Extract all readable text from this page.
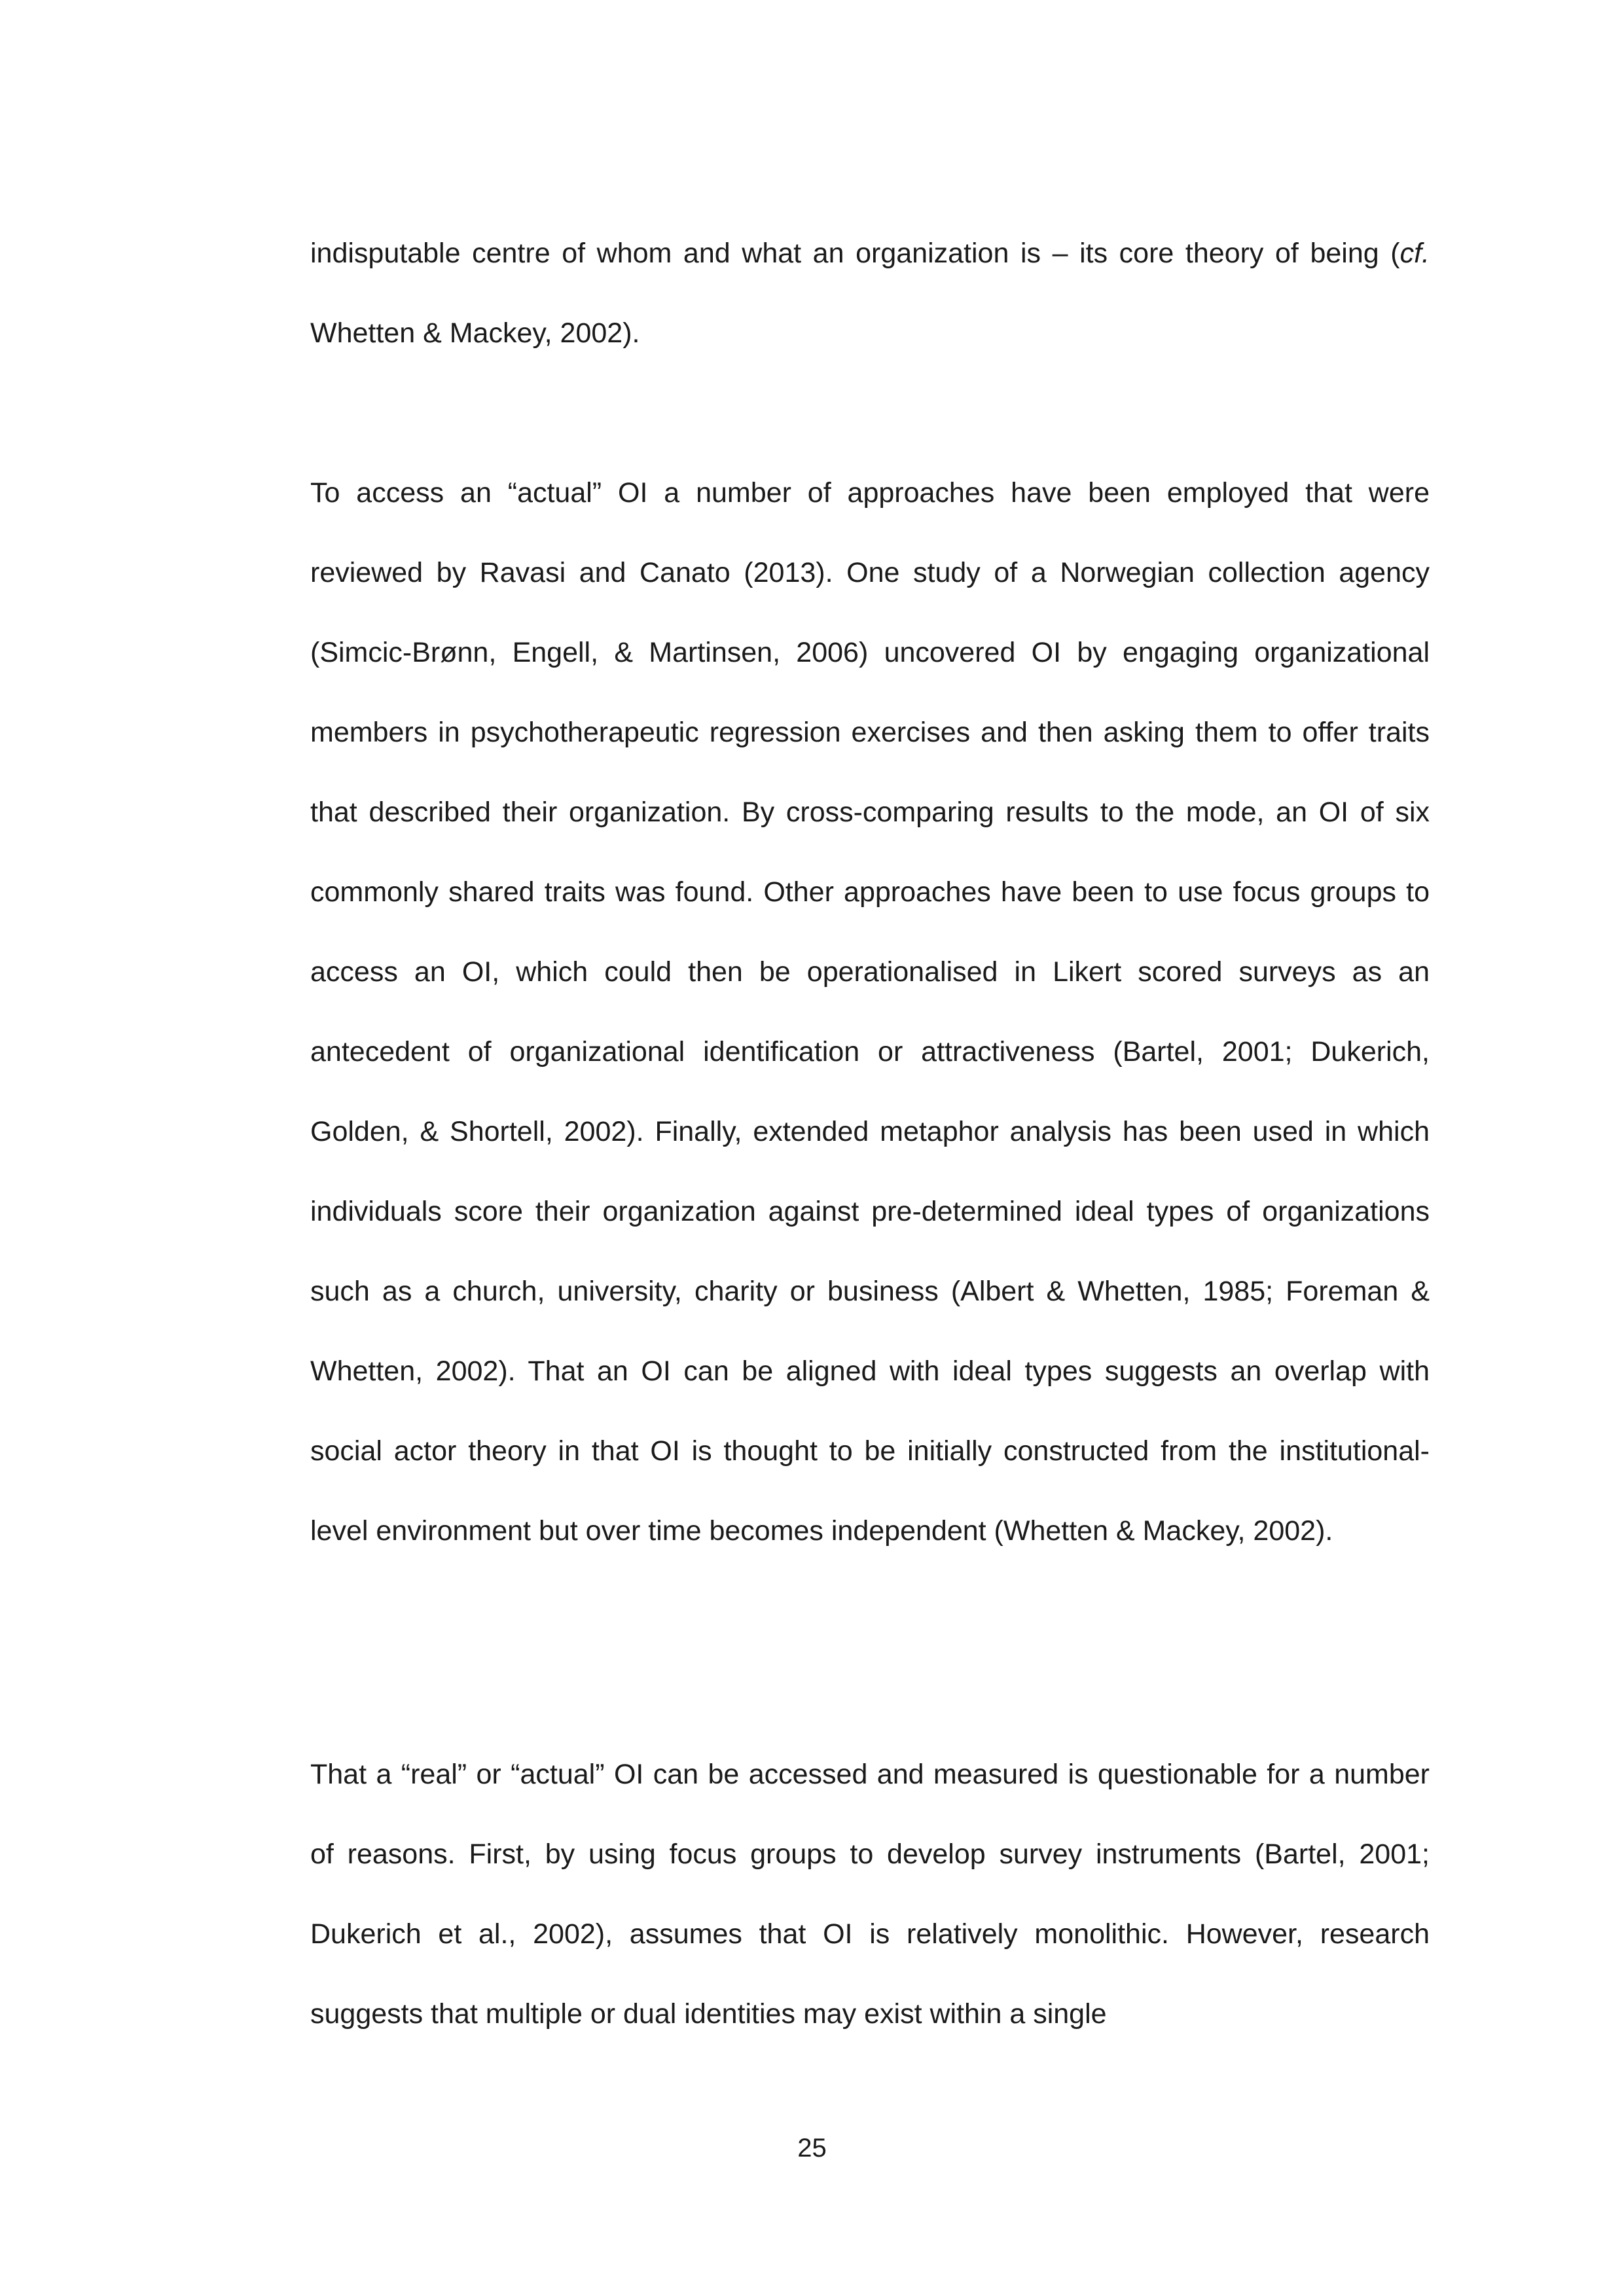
indisputable centre of whom and what an organization is – its core theory of being (cf. Whetten & Mackey, 2002).

To access an “actual” OI a number of approaches have been employed that were reviewed by Ravasi and Canato (2013). One study of a Norwegian collection agency (Simcic-Brønn, Engell, & Martinsen, 2006) uncovered OI by engaging organizational members in psychotherapeutic regression exercises and then asking them to offer traits that described their organization. By cross-comparing results to the mode, an OI of six commonly shared traits was found. Other approaches have been to use focus groups to access an OI, which could then be operationalised in Likert scored surveys as an antecedent of organizational identification or attractiveness (Bartel, 2001; Dukerich, Golden, & Shortell, 2002). Finally, extended metaphor analysis has been used in which individuals score their organization against pre-determined ideal types of organizations such as a church, university, charity or business (Albert & Whetten, 1985; Foreman & Whetten, 2002). That an OI can be aligned with ideal types suggests an overlap with social actor theory in that OI is thought to be initially constructed from the institutional-level environment but over time becomes independent (Whetten & Mackey, 2002).

That a “real” or “actual” OI can be accessed and measured is questionable for a number of reasons. First, by using focus groups to develop survey instruments (Bartel, 2001; Dukerich et al., 2002), assumes that OI is relatively monolithic. However, research suggests that multiple or dual identities may exist within a single

25
